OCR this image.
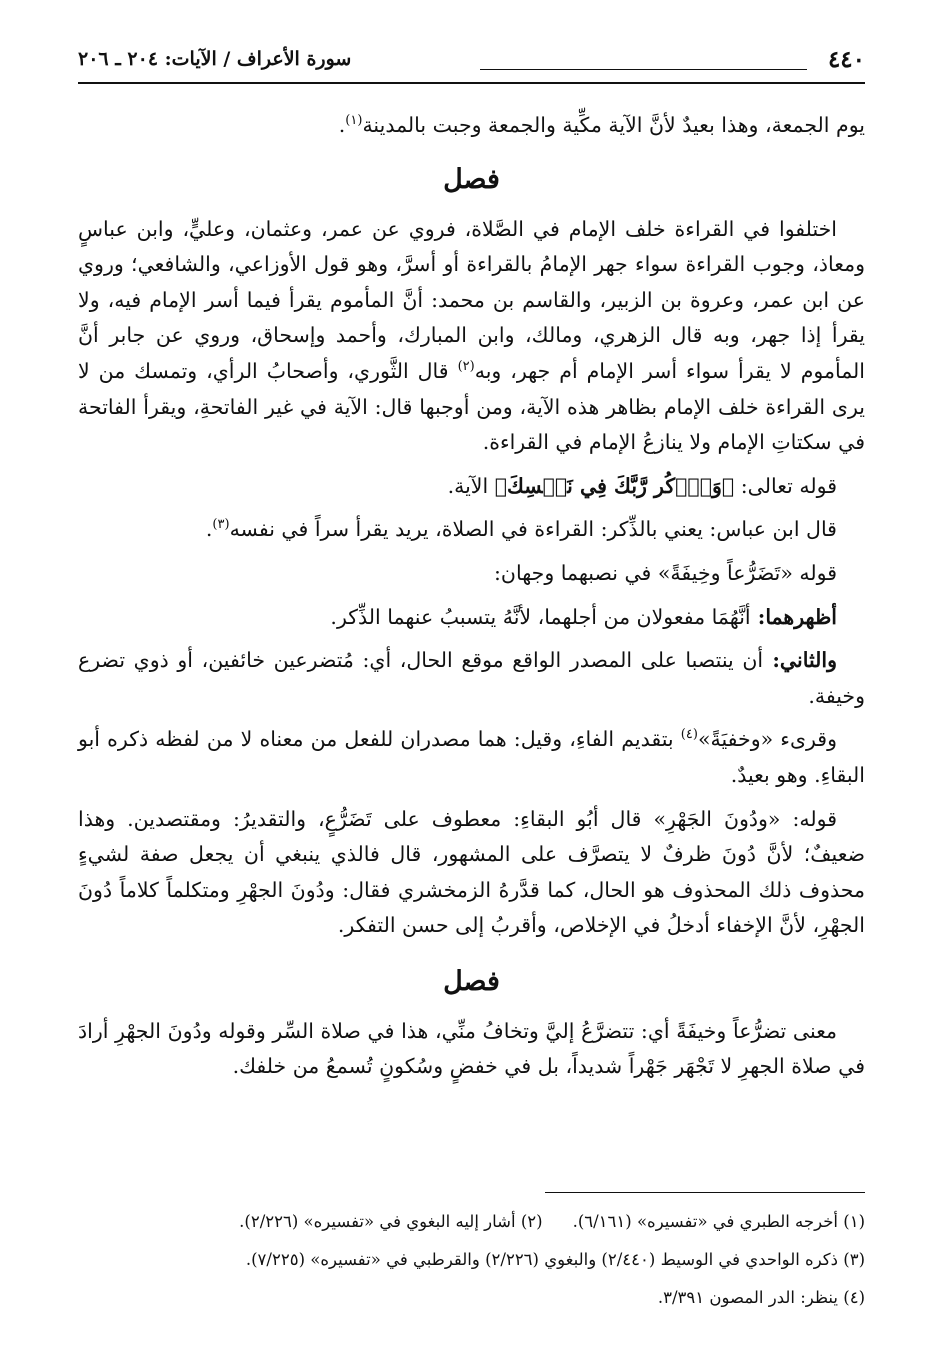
٤٤٠
سورة الأعراف / الآيات: ٢٠٤ ـ ٢٠٦

يوم الجمعة، وهذا بعيدٌ لأنَّ الآية مكِّية والجمعة وجبت بالمدينة$^{(١)}$.

فصل

اختلفوا في القراءة خلف الإمام في الصَّلاة، فروي عن عمر، وعثمان، وعليٍّ، وابن عباسٍ ومعاذ، وجوب القراءة سواء جهر الإمامُ بالقراءة أو أسرَّ، وهو قول الأوزاعي، والشافعي؛ وروي عن ابن عمر، وعروة بن الزبير، والقاسم بن محمد: أنَّ المأموم يقرأ فيما أسر الإمام فيه، ولا يقرأ إذا جهر، وبه قال الزهري، ومالك، وابن المبارك، وأحمد وإسحاق، وروي عن جابر أنَّ المأموم لا يقرأ سواء أسر الإمام أم جهر، وبه$^{(٢)}$ قال الثَّوري، وأصحابُ الرأي، وتمسك من لا يرى القراءة خلف الإمام بظاهر هذه الآية، ومن أوجبها قال: الآية في غير الفاتحةِ، ويقرأ الفاتحة في سكتاتِ الإمام ولا ينازعُ الإمام في القراءة.

قوله تعالى: ﴿وَٱذۡكُر رَّبَّكَ فِي نَفۡسِكَ﴾ الآية.

قال ابن عباس: يعني بالذِّكر: القراءة في الصلاة، يريد يقرأ سراً في نفسه$^{(٣)}$.

قوله «تَضَرُّعاً وخِيفَةً» في نصبهما وجهان:

أظهرهما: أنَّهُمَا مفعولان من أجلهما، لأنَّهُ يتسببُ عنهما الذِّكر.

والثاني: أن ينتصبا على المصدر الواقع موقع الحال، أي: مُتضرعين خائفين، أو ذوي تضرع وخيفة.

وقرىء «وخفيَةً»$^{(٤)}$ بتقديم الفاءِ، وقيل: هما مصدران للفعل من معناه لا من لفظه ذكره أبو البقاءِ. وهو بعيدٌ.

قوله: «ودُونَ الجَهْرِ» قال أبُو البقاءِ: معطوف على تَضَرُّعٍ، والتقديرُ: ومقتصدين. وهذا ضعيفٌ؛ لأنَّ دُونَ ظرفٌ لا يتصرَّف على المشهور، قال فالذي ينبغي أن يجعل صفة لشيءٍ محذوف ذلك المحذوف هو الحال، كما قدَّرهُ الزمخشري فقال: ودُونَ الجهْرِ ومتكلماً كلاماً دُونَ الجهْرِ، لأنَّ الإخفاء أدخلُ في الإخلاص، وأقربُ إلى حسن التفكر.

فصل

معنى تضرُّعاً وخيفَةً أي: تتضرَّعُ إليَّ وتخافُ منِّي، هذا في صلاة السِّر وقوله ودُونَ الجهْرِ أرادَ في صلاة الجهرِ لا تَجْهَر جَهْراً شديداً، بل في خفضٍ وسُكونٍ تُسمعُ من خلفك.

(١) أخرجه الطبري في «تفسيره» (٦/١٦١).(٢) أشار إليه البغوي في «تفسيره» (٢/٢٢٦).

(٣) ذكره الواحدي في الوسيط (٢/٤٤٠) والبغوي (٢/٢٢٦) والقرطبي في «تفسيره» (٧/٢٢٥).

(٤) ينظر: الدر المصون ٣/٣٩١.
